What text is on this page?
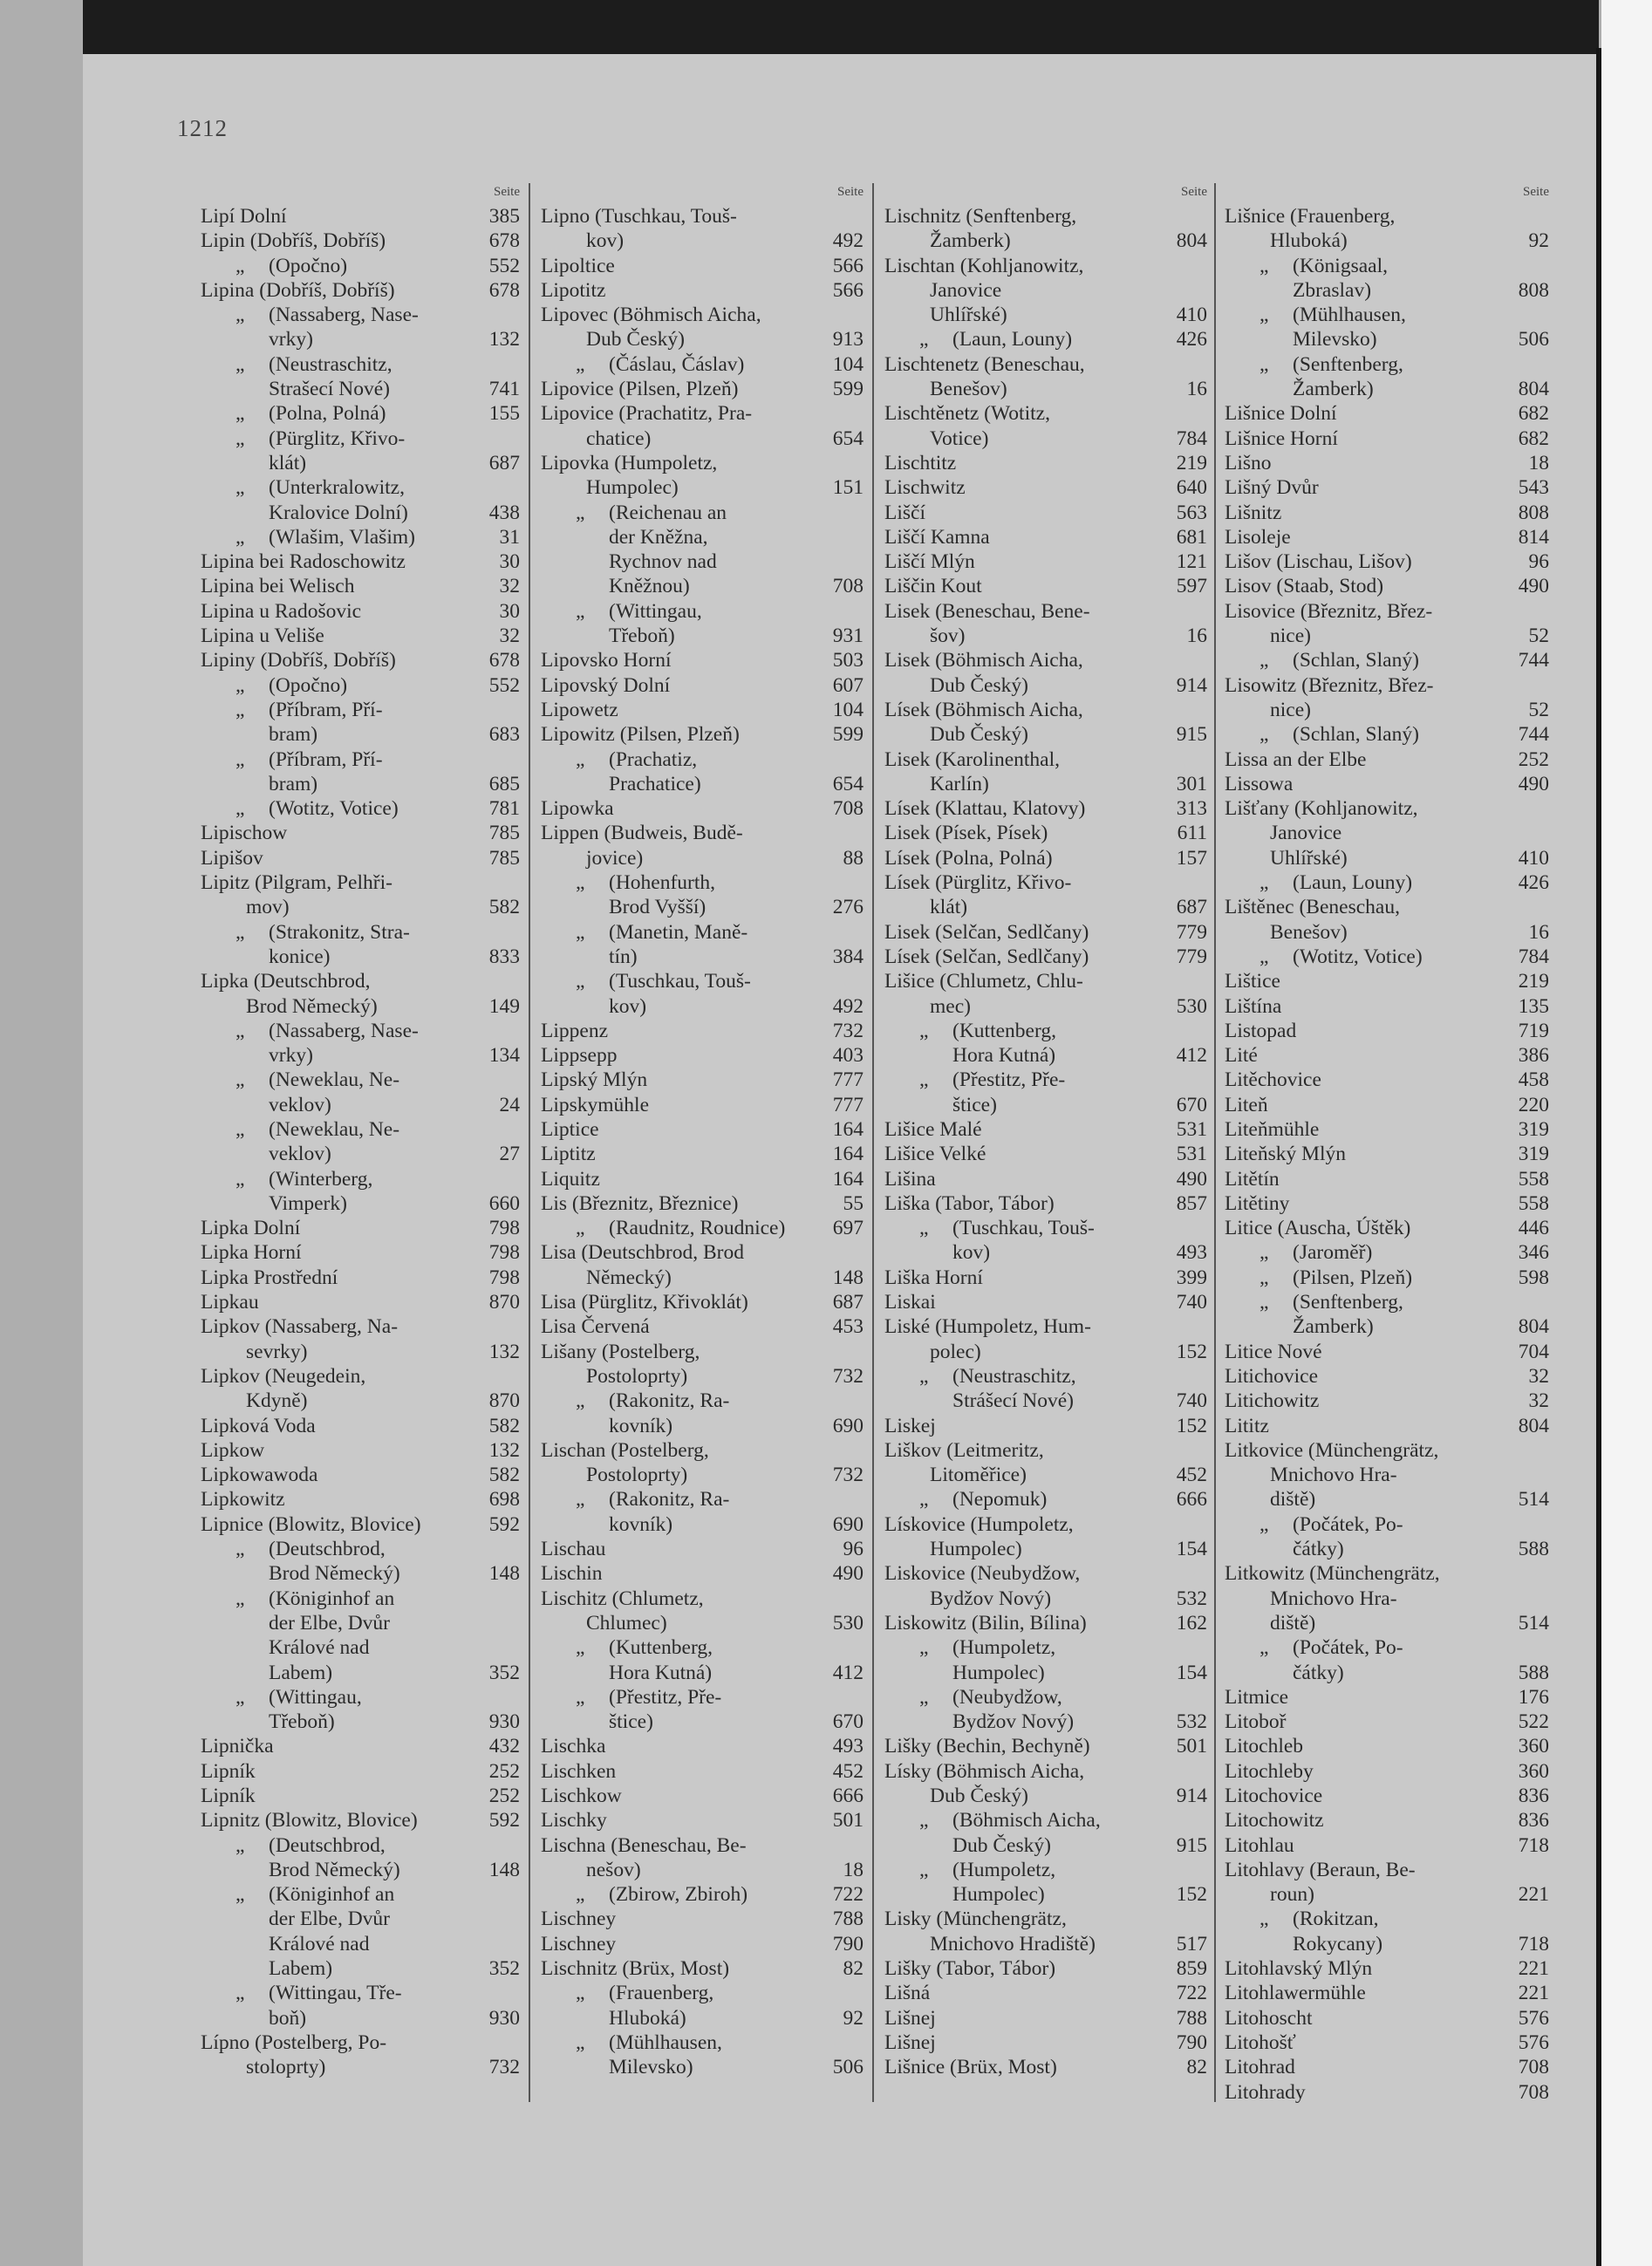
1212
Seite
Lipí Dolní	385
Lipin (Dobříš, Dobříš)	678
„ (Opočno)	552
Lipina (Dobříš, Dobříš)	678
„ (Nassaberg, Nase-
vrky)	132
„ (Neustraschitz,
Strašecí Nové)	741
„ (Polna, Polná)	155
„ (Pürglitz, Křivo-
klát)	687
„ (Unterkralowitz,
Kralovice Dolní)	438
„ (Wlašim, Vlašim)	31
Lipina bei Radoschowitz	30
Lipina bei Welisch	32
Lipina u Radošovic	30
Lipina u Veliše	32
Lipiny (Dobříš, Dobříš)	678
„ (Opočno)	552
„ (Příbram, Pří-
bram)	683
„ (Příbram, Pří-
bram)	685
„ (Wotitz, Votice)	781
Lipischow	785
Lipišov	785
Lipitz (Pilgram, Pelhři-
mov)	582
„ (Strakonitz, Stra-
konice)	833
Lipka (Deutschbrod,
Brod Německý)	149
„ (Nassaberg, Nase-
vrky)	134
„ (Neweklau, Ne-
veklov)	24
„ (Neweklau, Ne-
veklov)	27
„ (Winterberg,
Vimperk)	660
Lipka Dolní	798
Lipka Horní	798
Lipka Prostřední	798
Lipkau	870
Lipkov (Nassaberg, Na-
sevrky)	132
Lipkov (Neugedein,
Kdyně)	870
Lipková Voda	582
Lipkow	132
Lipkowawoda	582
Lipkowitz	698
Lipnice (Blowitz, Blovice)	592
„ (Deutschbrod,
Brod Německý)	148
„ (Königinhof an
der Elbe, Dvůr
Králové nad
Labem)	352
„ (Wittingau,
Třeboň)	930
Lipnička	432
Lipník	252
Lipník	252
Lipnitz (Blowitz, Blovice)	592
„ (Deutschbrod,
Brod Německý)	148
„ (Königinhof an
der Elbe, Dvůr
Králové nad
Labem)	352
„ (Wittingau, Tře-
boň)	930
Lípno (Postelberg, Po-
stoloprty)	732
Seite
Lipno (Tuschkau, Touš-
kov)	492
Lipoltice	566
Lipotitz	566
Lipovec (Böhmisch Aicha,
Dub Český)	913
„ (Čáslau, Čáslav)	104
Lipovice (Pilsen, Plzeň)	599
Lipovice (Prachatitz, Pra-
chatice)	654
Lipovka (Humpoletz,
Humpolec)	151
„ (Reichenau an
der Kněžna,
Rychnov nad
Kněžnou)	708
„ (Wittingau,
Třeboň)	931
Lipovsko Horní	503
Lipovský Dolní	607
Lipowetz	104
Lipowitz (Pilsen, Plzeň)	599
„ (Prachatiz,
Prachatice)	654
Lipowka	708
Lippen (Budweis, Budě-
jovice)	88
„ (Hohenfurth,
Brod Vyšší)	276
„ (Manetin, Maně-
tín)	384
„ (Tuschkau, Touš-
kov)	492
Lippenz	732
Lippsepp	403
Lipský Mlýn	777
Lipskymühle	777
Liptice	164
Liptitz	164
Liquitz	164
Lis (Březnitz, Březnice)	55
„ (Raudnitz, Roudnice)	697
Lisa (Deutschbrod, Brod
Německý)	148
Lisa (Pürglitz, Křivoklát)	687
Lisa Červená	453
Lišany (Postelberg,
Postoloprty)	732
„ (Rakonitz, Ra-
kovník)	690
Lischan (Postelberg,
Postoloprty)	732
„ (Rakonitz, Ra-
kovník)	690
Lischau	96
Lischin	490
Lischitz (Chlumetz,
Chlumec)	530
„ (Kuttenberg,
Hora Kutná)	412
„ (Přestitz, Pře-
štice)	670
Lischka	493
Lischken	452
Lischkow	666
Lischky	501
Lischna (Beneschau, Be-
nešov)	18
„ (Zbirow, Zbiroh)	722
Lischney	788
Lischney	790
Lischnitz (Brüx, Most)	82
„ (Frauenberg,
Hluboká)	92
„ (Mühlhausen,
Milevsko)	506
Seite
Lischnitz (Senftenberg,
Žamberk)	804
Lischtan (Kohljanowitz,
Janovice
Uhlířské)	410
„ (Laun, Louny)	426
Lischtenetz (Beneschau,
Benešov)	16
Lischtěnetz (Wotitz,
Votice)	784
Lischtitz	219
Lischwitz	640
Liščí	563
Liščí Kamna	681
Liščí Mlýn	121
Liščin Kout	597
Lisek (Beneschau, Bene-
šov)	16
Lisek (Böhmisch Aicha,
Dub Český)	914
Lísek (Böhmisch Aicha,
Dub Český)	915
Lisek (Karolinenthal,
Karlín)	301
Lísek (Klattau, Klatovy)	313
Lisek (Písek, Písek)	611
Lísek (Polna, Polná)	157
Lísek (Pürglitz, Křivo-
klát)	687
Lisek (Selčan, Sedlčany)	779
Lísek (Selčan, Sedlčany)	779
Lišice (Chlumetz, Chlu-
mec)	530
„ (Kuttenberg,
Hora Kutná)	412
„ (Přestitz, Pře-
štice)	670
Lišice Malé	531
Lišice Velké	531
Lišina	490
Liška (Tabor, Tábor)	857
„ (Tuschkau, Touš-
kov)	493
Liška Horní	399
Liskai	740
Liské (Humpoletz, Hum-
polec)	152
„ (Neustraschitz,
Strášecí Nové)	740
Liskej	152
Liškov (Leitmeritz,
Litoměřice)	452
„ (Nepomuk)	666
Lískovice (Humpoletz,
Humpolec)	154
Liskovice (Neubydžow,
Bydžov Nový)	532
Liskowitz (Bilin, Bílina)	162
„ (Humpoletz,
Humpolec)	154
„ (Neubydžow,
Bydžov Nový)	532
Lišky (Bechin, Bechyně)	501
Lísky (Böhmisch Aicha,
Dub Český)	914
„ (Böhmisch Aicha,
Dub Český)	915
„ (Humpoletz,
Humpolec)	152
Lisky (Münchengrätz,
Mnichovo Hradiště)	517
Lišky (Tabor, Tábor)	859
Lišná	722
Lišnej	788
Lišnej	790
Lišnice (Brüx, Most)	82
Seite
Lišnice (Frauenberg,
Hluboká)	92
„ (Königsaal,
Zbraslav)	808
„ (Mühlhausen,
Milevsko)	506
„ (Senftenberg,
Žamberk)	804
Lišnice Dolní	682
Lišnice Horní	682
Lišno	18
Lišný Dvůr	543
Lišnitz	808
Lisoleje	814
Lišov (Lischau, Lišov)	96
Lisov (Staab, Stod)	490
Lisovice (Březnitz, Břez-
nice)	52
„ (Schlan, Slaný)	744
Lisowitz (Březnitz, Břez-
nice)	52
„ (Schlan, Slaný)	744
Lissa an der Elbe	252
Lissowa	490
Lišťany (Kohljanowitz,
Janovice
Uhlířské)	410
„ (Laun, Louny)	426
Lištěnec (Beneschau,
Benešov)	16
„ (Wotitz, Votice)	784
Lištice	219
Lištína	135
Listopad	719
Lité	386
Litěchovice	458
Liteň	220
Liteňmühle	319
Liteňský Mlýn	319
Litětín	558
Litětiny	558
Litice (Auscha, Úštěk)	446
„ (Jaroměř)	346
„ (Pilsen, Plzeň)	598
„ (Senftenberg,
Žamberk)	804
Litice Nové	704
Litichovice	32
Litichowitz	32
Lititz	804
Litkovice (Münchengrätz,
Mnichovo Hra-
diště)	514
„ (Počátek, Po-
čátky)	588
Litkowitz (Münchengrätz,
Mnichovo Hra-
diště)	514
„ (Počátek, Po-
čátky)	588
Litmice	176
Litoboř	522
Litochleb	360
Litochleby	360
Litochovice	836
Litochowitz	836
Litohlau	718
Litohlavy (Beraun, Be-
roun)	221
„ (Rokitzan,
Rokycany)	718
Litohlavský Mlýn	221
Litohlawermühle	221
Litohoscht	576
Litohošť	576
Litohrad	708
Litohrady	708
